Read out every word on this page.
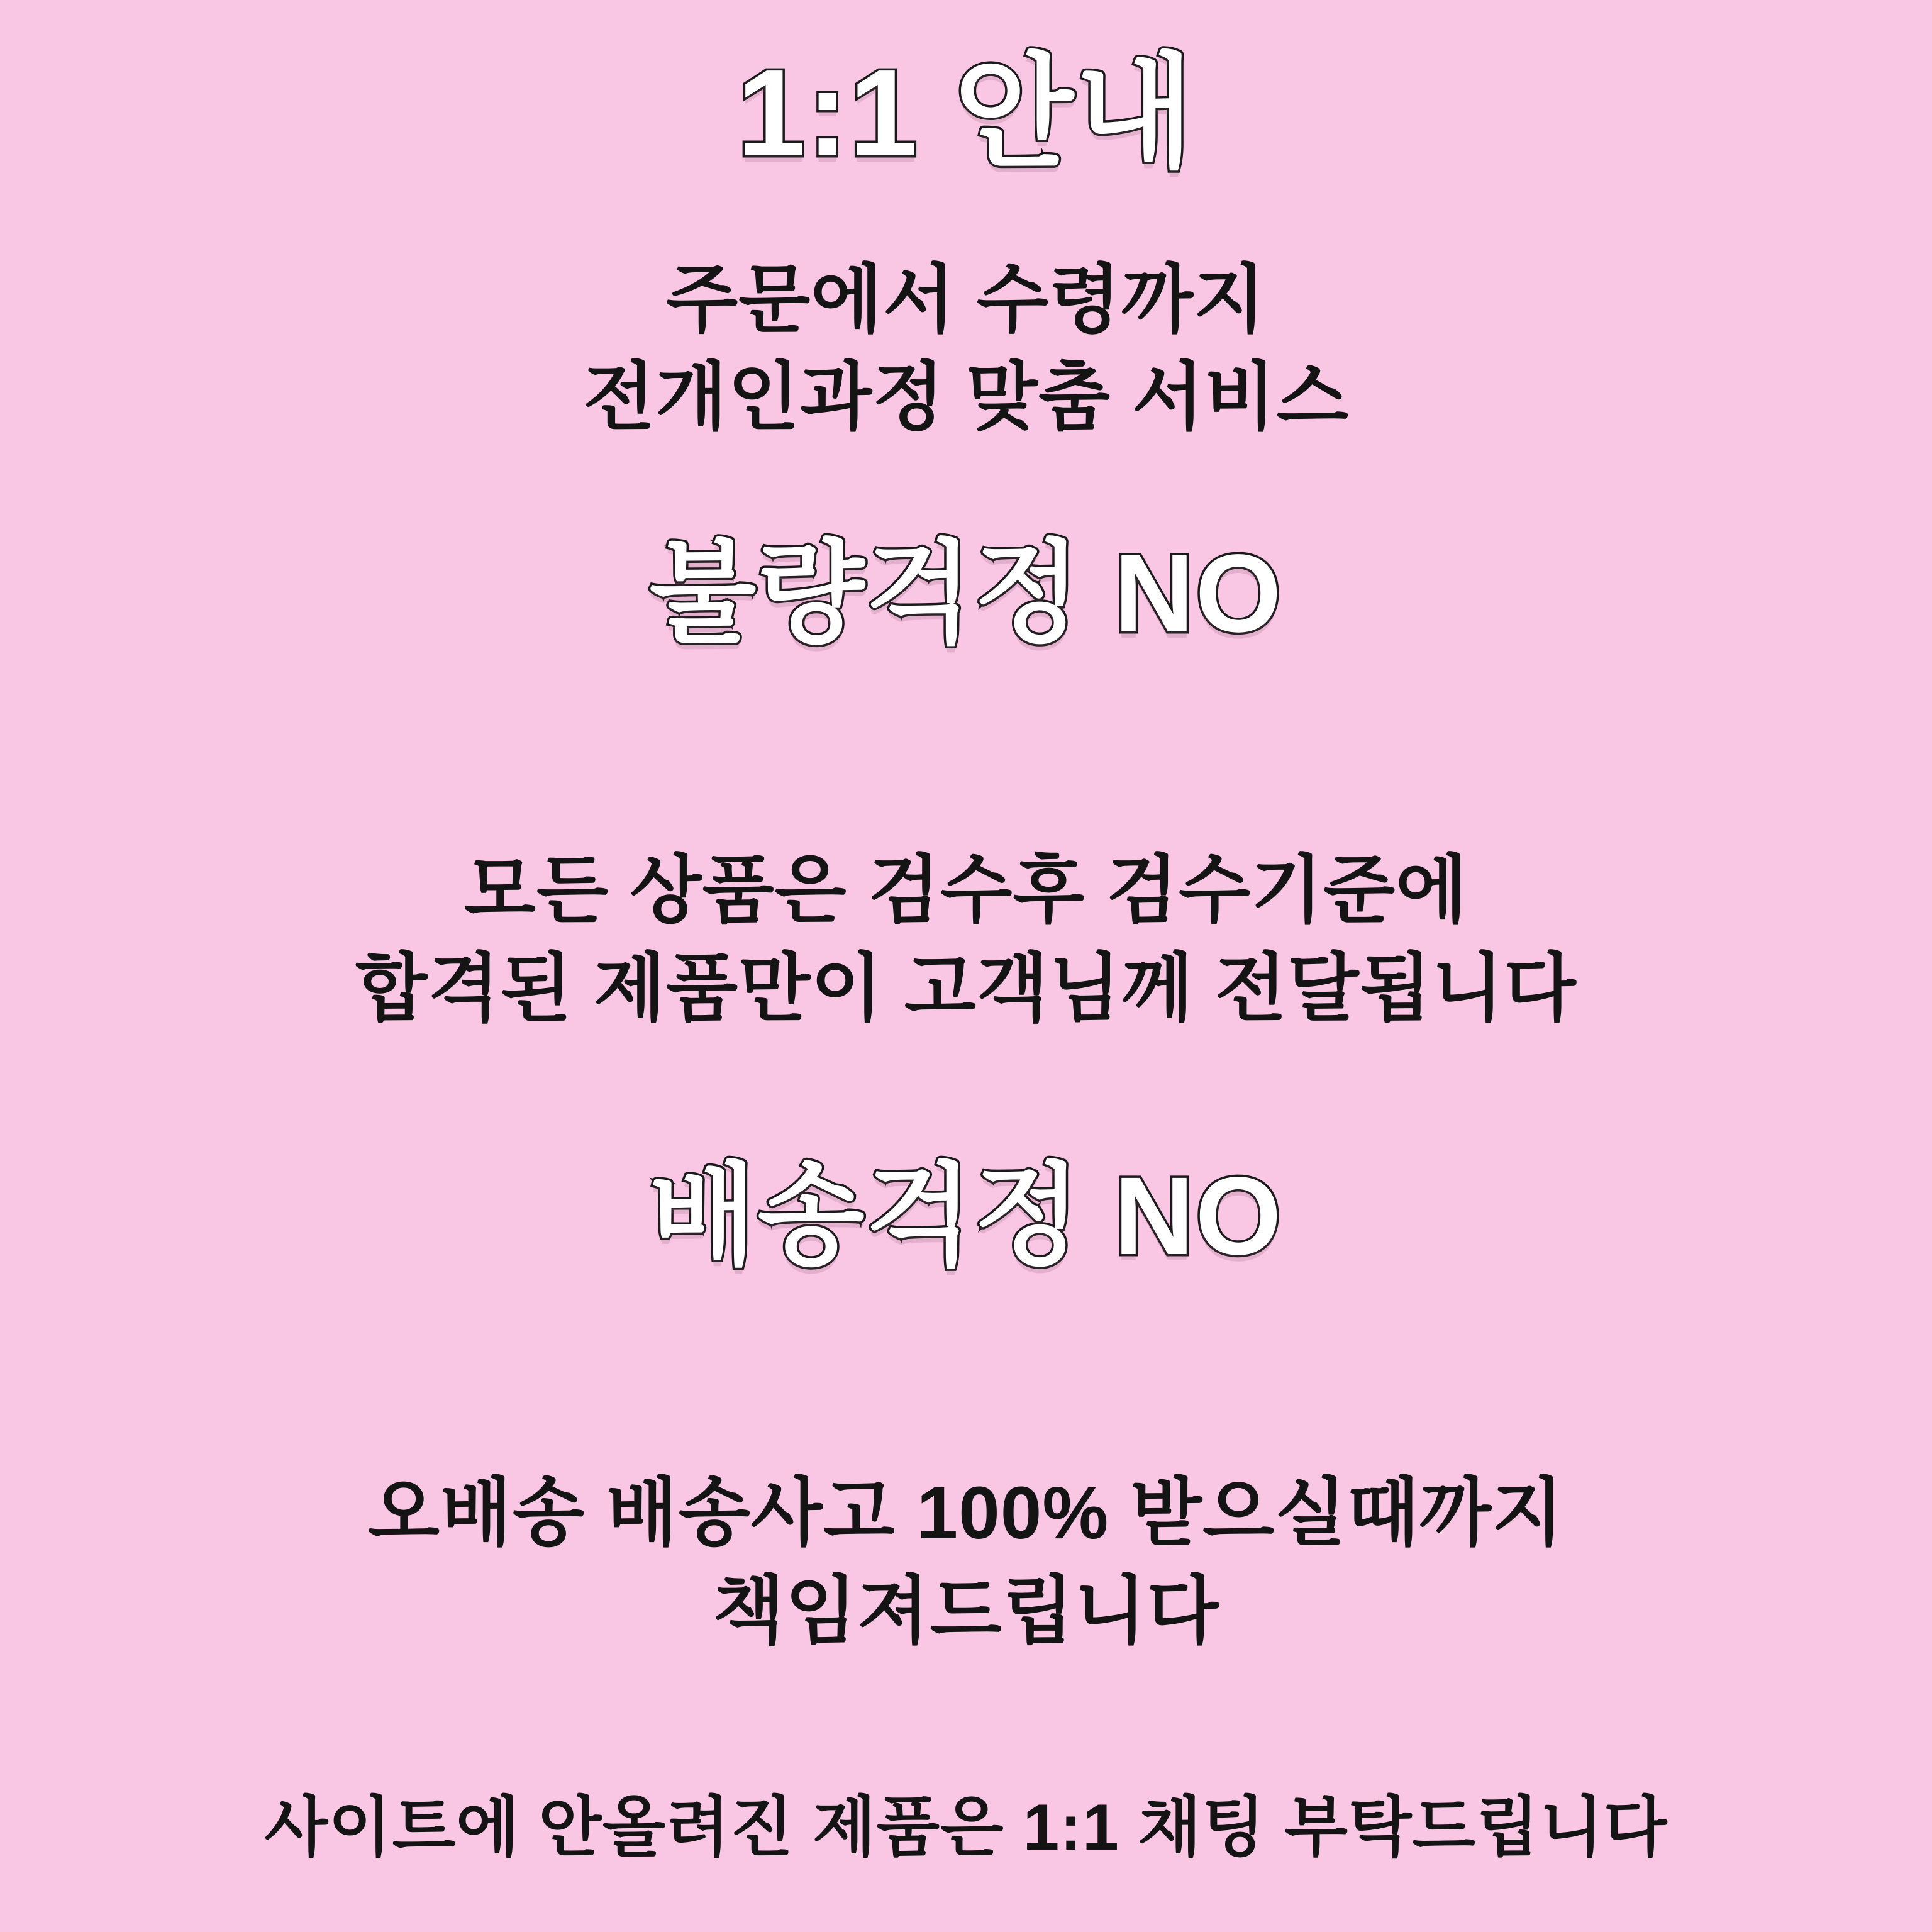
1:1 안내
주문에서 수령까지
전개인과정 맞춤 서비스
불량걱정 NO
모든 상품은 검수후 검수기준에
합격된 제품만이 고객님께 전달됩니다
배송걱정 NO
오배송 배송사고 100% 받으실때까지
책임져드립니다
사이트에 안올려진 제품은 1:1 채팅 부탁드립니다
